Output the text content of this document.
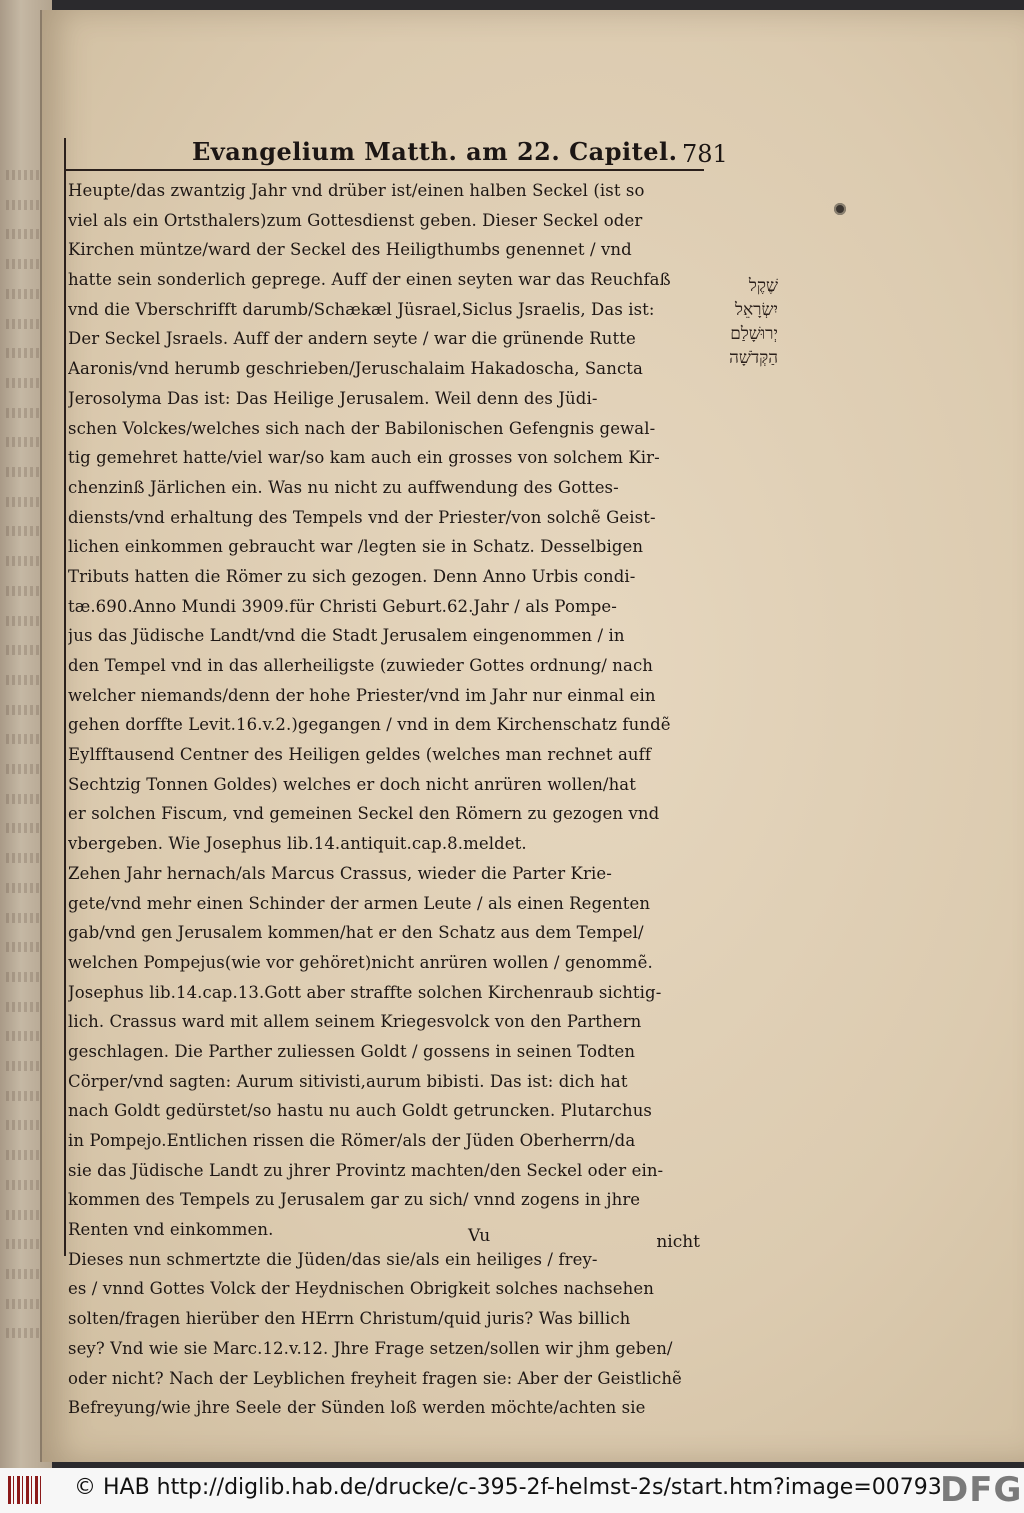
Evangelium Matth. am 22. Capitel. 781
Heupte/das zwantzig Jahr vnd drüber ist/einen halben Seckel (ist so
viel als ein Ortsthalers)zum Gottesdienst geben. Dieser Seckel oder
Kirchen müntze/ward der Seckel des Heiligthumbs genennet / vnd
hatte sein sonderlich geprege. Auff der einen seyten war das Reuchfaß
vnd die Vberschrifft darumb/Schækæl Jüsrael,Siclus Jsraelis, Das ist:
Der Seckel Jsraels. Auff der andern seyte / war die grünende Rutte
Aaronis/vnd herumb geschrieben/Jeruschalaim Hakadoscha, Sancta
Jerosolyma Das ist: Das Heilige Jerusalem. Weil denn des Jüdi-
schen Volckes/welches sich nach der Babilonischen Gefengnis gewal-
tig gemehret hatte/viel war/so kam auch ein grosses von solchem Kir-
chenzinß Järlichen ein. Was nu nicht zu auffwendung des Gottes-
diensts/vnd erhaltung des Tempels vnd der Priester/von solchẽ Geist-
lichen einkommen gebraucht war /legten sie in Schatz. Desselbigen
Tributs hatten die Römer zu sich gezogen. Denn Anno Urbis condi-
tæ.690.Anno Mundi 3909.für Christi Geburt.62.Jahr / als Pompe-
jus das Jüdische Landt/vnd die Stadt Jerusalem eingenommen / in
den Tempel vnd in das allerheiligste (zuwieder Gottes ordnung/ nach
welcher niemands/denn der hohe Priester/vnd im Jahr nur einmal ein
gehen dorffte Levit.16.v.2.)gegangen / vnd in dem Kirchenschatz fundẽ
Eylfftausend Centner des Heiligen geldes (welches man rechnet auff
Sechtzig Tonnen Goldes) welches er doch nicht anrüren wollen/hat
er solchen Fiscum, vnd gemeinen Seckel den Römern zu gezogen vnd
vbergeben. Wie Josephus lib.14.antiquit.cap.8.meldet.
Zehen Jahr hernach/als Marcus Crassus, wieder die Parter Krie-
gete/vnd mehr einen Schinder der armen Leute / als einen Regenten
gab/vnd gen Jerusalem kommen/hat er den Schatz aus dem Tempel/
welchen Pompejus(wie vor gehöret)nicht anrüren wollen / genommẽ.
Josephus lib.14.cap.13.Gott aber straffte solchen Kirchenraub sichtig-
lich. Crassus ward mit allem seinem Kriegesvolck von den Parthern
geschlagen. Die Parther zuliessen Goldt / gossens in seinen Todten
Cörper/vnd sagten: Aurum sitivisti,aurum bibisti. Das ist: dich hat
nach Goldt gedürstet/so hastu nu auch Goldt getruncken. Plutarchus
in Pompejo.Entlichen rissen die Römer/als der Jüden Oberherrn/da
sie das Jüdische Landt zu jhrer Provintz machten/den Seckel oder ein-
kommen des Tempels zu Jerusalem gar zu sich/ vnnd zogens in jhre
Renten vnd einkommen.
Dieses nun schmertzte die Jüden/das sie/als ein heiliges / frey-
es / vnnd Gottes Volck der Heydnischen Obrigkeit solches nachsehen
solten/fragen hierüber den HErrn Christum/quid juris? Was billich
sey? Vnd wie sie Marc.12.v.12. Jhre Frage setzen/sollen wir jhm geben/
oder nicht? Nach der Leyblichen freyheit fragen sie: Aber der Geistlichẽ
Befreyung/wie jhre Seele der Sünden loß werden möchte/achten sie
שֶׁקֶל
יִשְׂרָאֵל
יְרוּשָׁלַם
הַקְּדֹשָׁה
Vu	nicht
© HAB http://diglib.hab.de/drucke/c-395-2f-helmst-2s/start.htm?image=00793
DFG
